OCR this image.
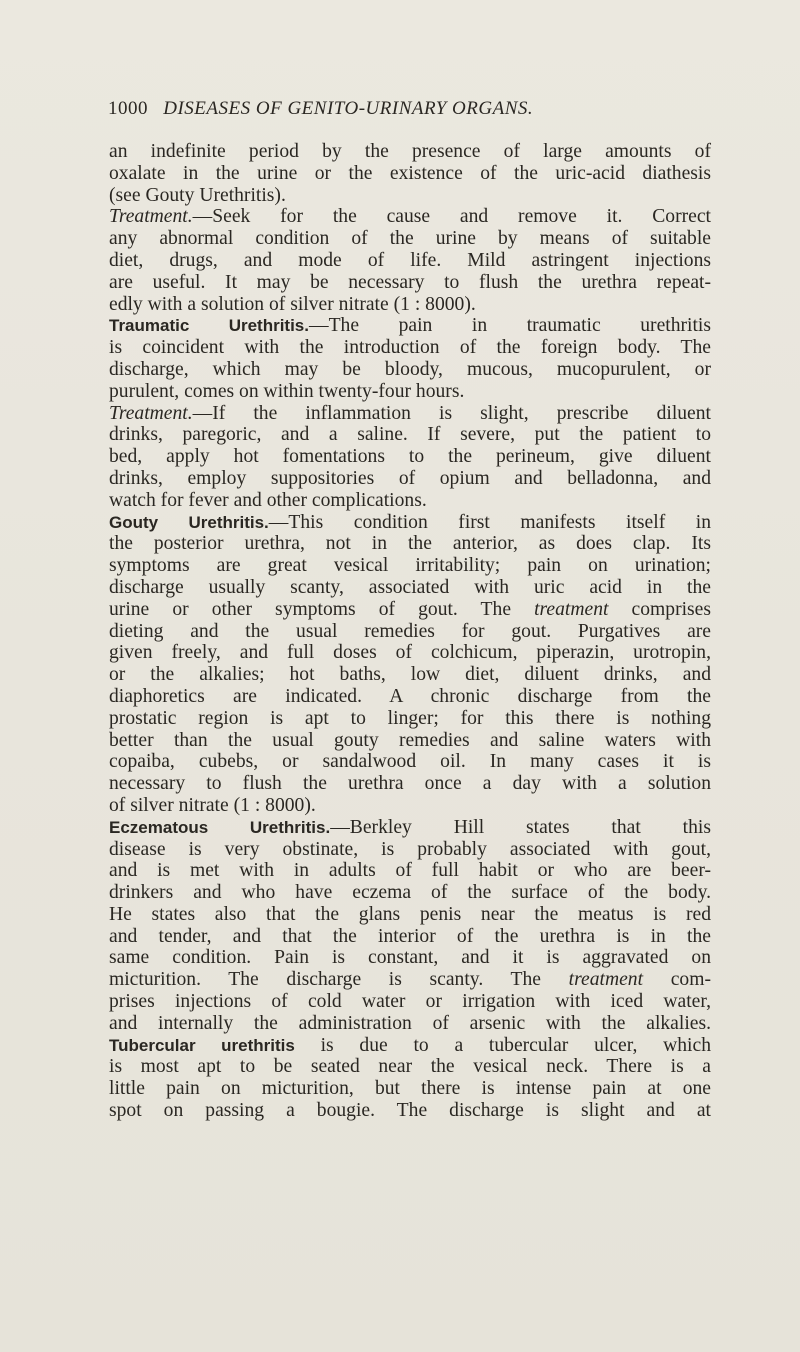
1000 DISEASES OF GENITO-URINARY ORGANS.
an indefinite period by the presence of large amounts of
oxalate in the urine or the existence of the uric-acid diathesis
(see Gouty Urethritis).
Treatment.—Seek for the cause and remove it. Correct
any abnormal condition of the urine by means of suitable
diet, drugs, and mode of life. Mild astringent injections
are useful. It may be necessary to flush the urethra repeat-
edly with a solution of silver nitrate (1 : 8000).
Traumatic Urethritis.—The pain in traumatic urethritis
is coincident with the introduction of the foreign body. The
discharge, which may be bloody, mucous, mucopurulent, or
purulent, comes on within twenty-four hours.
Treatment.—If the inflammation is slight, prescribe diluent
drinks, paregoric, and a saline. If severe, put the patient to
bed, apply hot fomentations to the perineum, give diluent
drinks, employ suppositories of opium and belladonna, and
watch for fever and other complications.
Gouty Urethritis.—This condition first manifests itself in
the posterior urethra, not in the anterior, as does clap. Its
symptoms are great vesical irritability; pain on urination;
discharge usually scanty, associated with uric acid in the
urine or other symptoms of gout. The treatment comprises
dieting and the usual remedies for gout. Purgatives are
given freely, and full doses of colchicum, piperazin, urotropin,
or the alkalies; hot baths, low diet, diluent drinks, and
diaphoretics are indicated. A chronic discharge from the
prostatic region is apt to linger; for this there is nothing
better than the usual gouty remedies and saline waters with
copaiba, cubebs, or sandalwood oil. In many cases it is
necessary to flush the urethra once a day with a solution
of silver nitrate (1 : 8000).
Eczematous Urethritis.—Berkley Hill states that this
disease is very obstinate, is probably associated with gout,
and is met with in adults of full habit or who are beer-
drinkers and who have eczema of the surface of the body.
He states also that the glans penis near the meatus is red
and tender, and that the interior of the urethra is in the
same condition. Pain is constant, and it is aggravated on
micturition. The discharge is scanty. The treatment com-
prises injections of cold water or irrigation with iced water,
and internally the administration of arsenic with the alkalies.
Tubercular urethritis is due to a tubercular ulcer, which
is most apt to be seated near the vesical neck. There is a
little pain on micturition, but there is intense pain at one
spot on passing a bougie. The discharge is slight and at
